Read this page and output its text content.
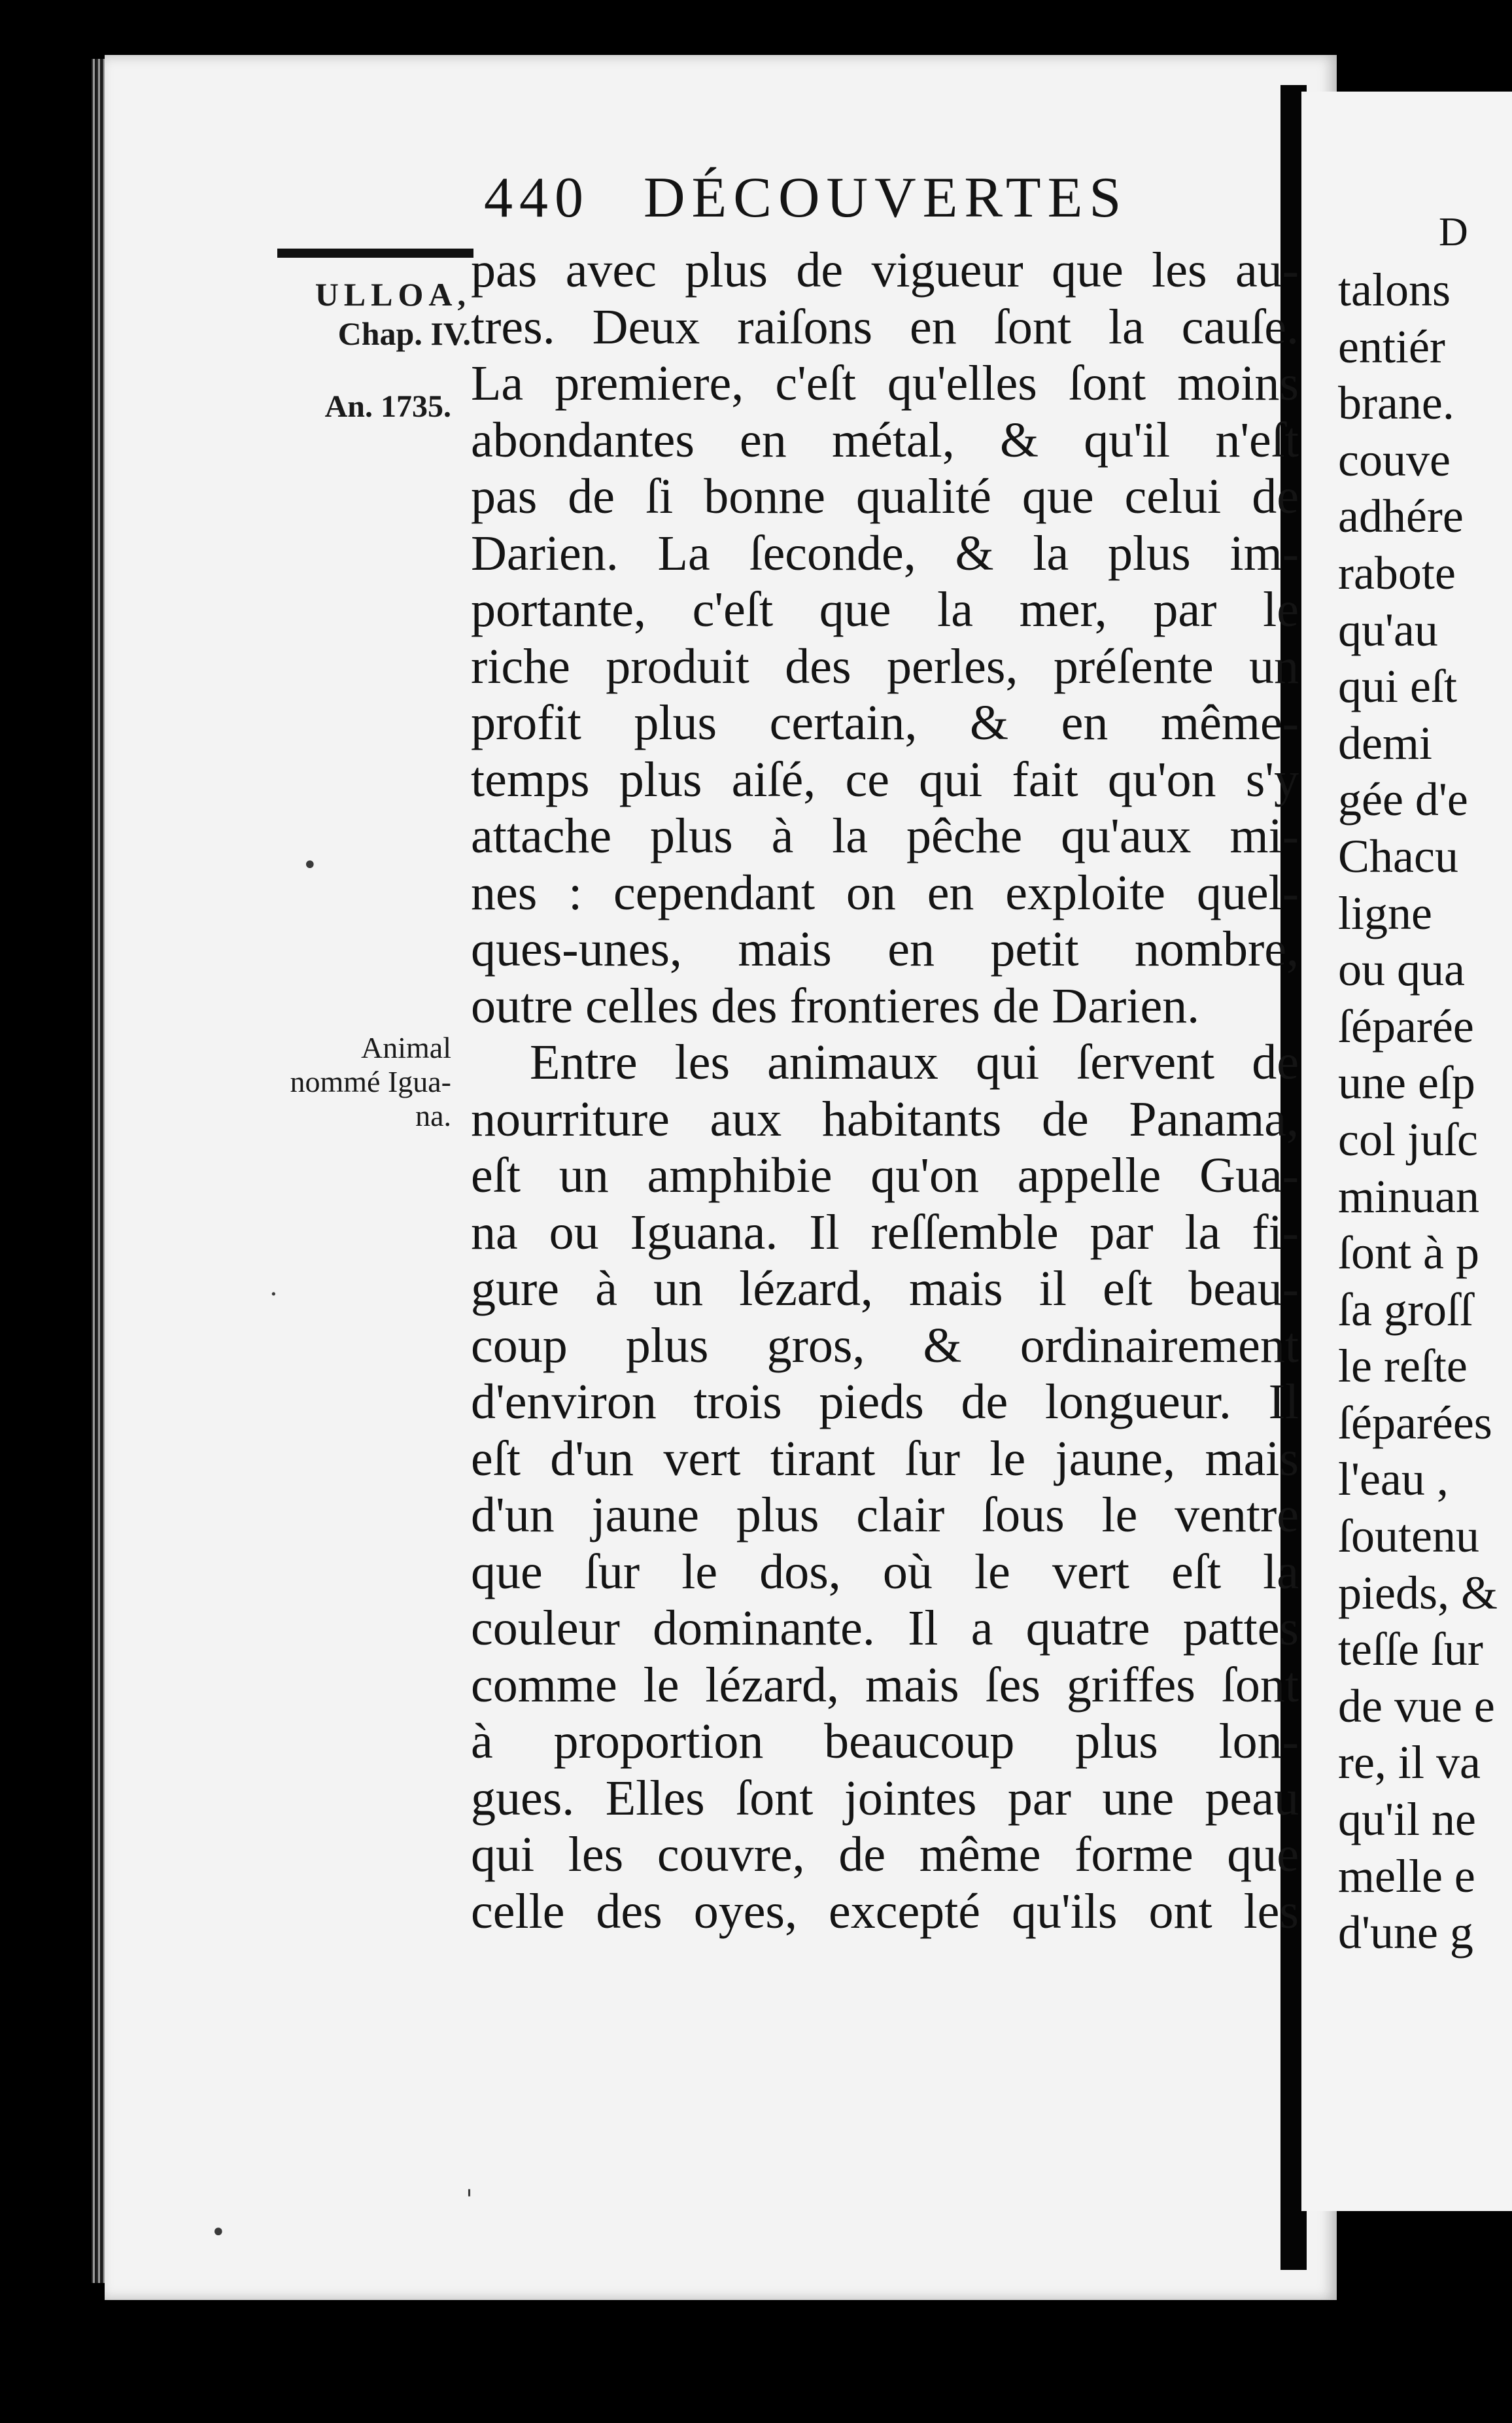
440 DÉCOUVERTES
ULLOA,
Chap. IV.
An. 1735.
Animal
nommé Igua-
na.
pas avec plus de vigueur que les au-
tres. Deux raiſons en ſont la cauſe.
La premiere, c'eſt qu'elles ſont moins
abondantes en métal, & qu'il n'eſt
pas de ſi bonne qualité que celui de
Darien. La ſeconde, & la plus im-
portante, c'eſt que la mer, par le
riche produit des perles, préſente un
profit plus certain, & en même-
temps plus aiſé, ce qui fait qu'on s'y
attache plus à la pêche qu'aux mi-
nes : cependant on en exploite quel-
ques-unes, mais en petit nombre,
outre celles des frontieres de Darien.
Entre les animaux qui ſervent de
nourriture aux habitants de Panama,
eſt un amphibie qu'on appelle Gua-
na ou Iguana. Il reſſemble par la fi-
gure à un lézard, mais il eſt beau-
coup plus gros, & ordinairement
d'environ trois pieds de longueur. Il
eſt d'un vert tirant ſur le jaune, mais
d'un jaune plus clair ſous le ventre
que ſur le dos, où le vert eſt la
couleur dominante. Il a quatre pattes
comme le lézard, mais ſes griffes ſont
à proportion beaucoup plus lon-
gues. Elles ſont jointes par une peau
qui les couvre, de même forme que
celle des oyes, excepté qu'ils ont les
D
talons
entiér
brane.
couve
adhére
rabote
qu'au
qui eſt
demi
gée d'e
Chacu
ligne
ou qua
ſéparée
une eſp
col juſc
minuan
ſont à p
ſa groſſ
le reſte
ſéparées
l'eau ,
ſoutenu
pieds, &
teſſe ſur
de vue e
re, il va
qu'il ne
melle e
d'une g
•
·
'
•
